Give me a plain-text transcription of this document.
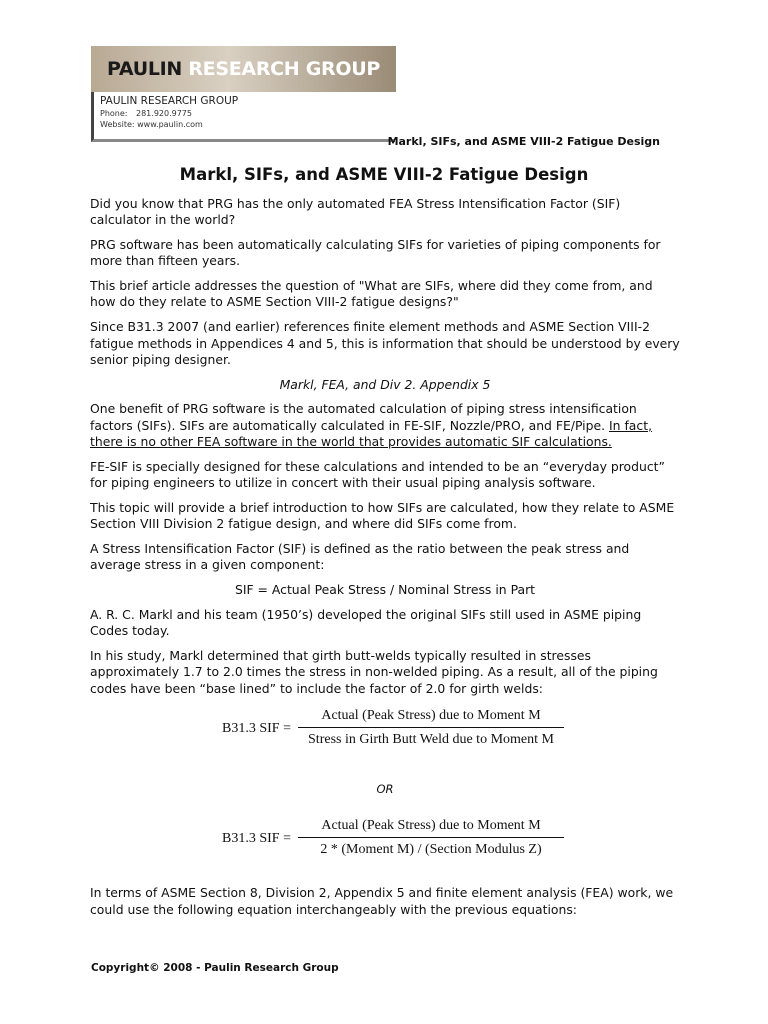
PAULIN RESEARCH GROUP
PAULIN RESEARCH GROUP
Phone: 281.920.9775
Website: www.paulin.com
Markl, SIFs, and ASME VIII-2 Fatigue Design
Markl, SIFs, and ASME VIII-2 Fatigue Design

Did you know that PRG has the only automated FEA Stress Intensification Factor (SIF) calculator in the world?

PRG software has been automatically calculating SIFs for varieties of piping components for more than fifteen years.

This brief article addresses the question of "What are SIFs, where did they come from, and how do they relate to ASME Section VIII-2 fatigue designs?"

Since B31.3 2007 (and earlier) references finite element methods and ASME Section VIII-2 fatigue methods in Appendices 4 and 5, this is information that should be understood by every senior piping designer.

Markl, FEA, and Div 2. Appendix 5

One benefit of PRG software is the automated calculation of piping stress intensification factors (SIFs). SIFs are automatically calculated in FE-SIF, Nozzle/PRO, and FE/Pipe. In fact, there is no other FEA software in the world that provides automatic SIF calculations.

FE-SIF is specially designed for these calculations and intended to be an “everyday product” for piping engineers to utilize in concert with their usual piping analysis software.

This topic will provide a brief introduction to how SIFs are calculated, how they relate to ASME Section VIII Division 2 fatigue design, and where did SIFs come from.

A Stress Intensification Factor (SIF) is defined as the ratio between the peak stress and average stress in a given component:

SIF = Actual Peak Stress / Nominal Stress in Part

A. R. C. Markl and his team (1950’s) developed the original SIFs still used in ASME piping Codes today.

In his study, Markl determined that girth butt-welds typically resulted in stresses approximately 1.7 to 2.0 times the stress in non-welded piping. As a result, all of the piping codes have been “base lined” to include the factor of 2.0 for girth welds:

B31.3 SIF =
Actual (Peak Stress) due to Moment M
Stress in Girth Butt Weld due to Moment M
OR
B31.3 SIF =
Actual (Peak Stress) due to Moment M
2 * (Moment M) / (Section Modulus Z)

In terms of ASME Section 8, Division 2, Appendix 5 and finite element analysis (FEA) work, we could use the following equation interchangeably with the previous equations:

Copyright© 2008 - Paulin Research Group
